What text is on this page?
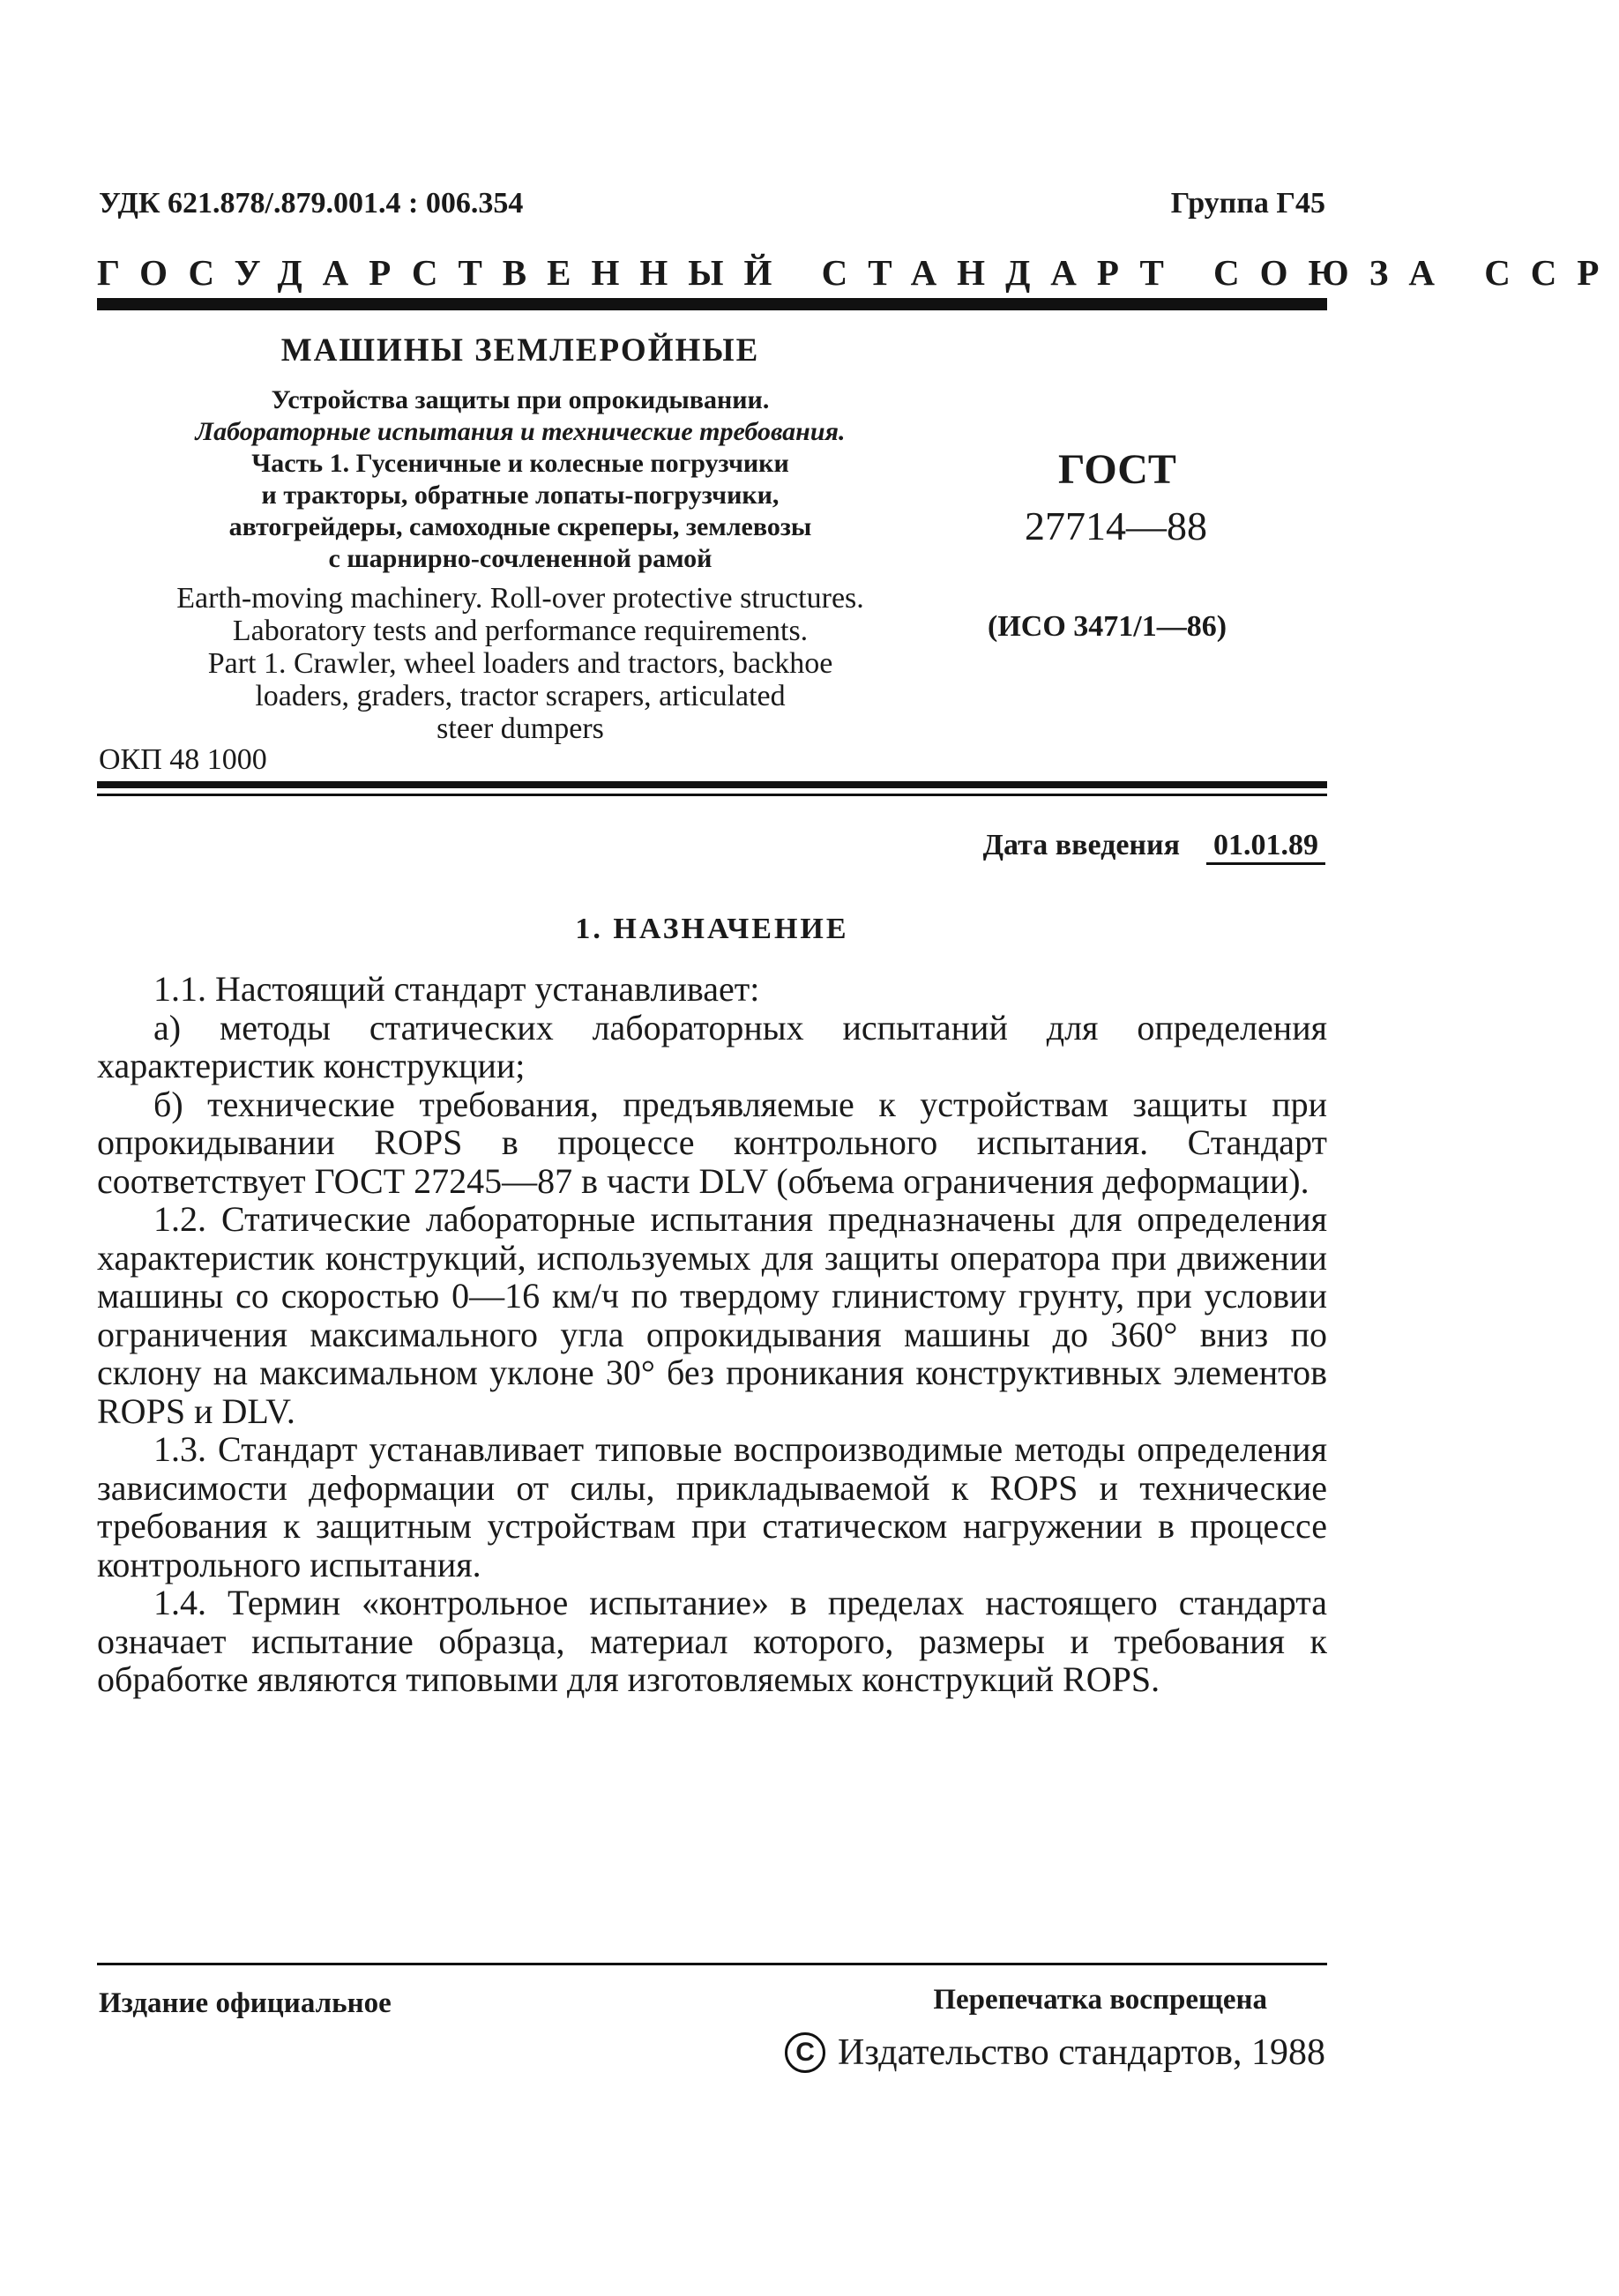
УДК 621.878/.879.001.4 : 006.354	Группа Г45
ГОСУДАРСТВЕННЫЙ СТАНДАРТ СОЮЗА ССР
МАШИНЫ ЗЕМЛЕРОЙНЫЕ
Устройства защиты при опрокидывании.
Лабораторные испытания и технические требования.
Часть 1. Гусеничные и колесные погрузчики
и тракторы, обратные лопаты-погрузчики,
автогрейдеры, самоходные скреперы, землевозы
с шарнирно-сочлененной рамой
Earth-moving machinery. Roll-over protective structures.
Laboratory tests and performance requirements.
Part 1. Crawler, wheel loaders and tractors, backhoe
loaders, graders, tractor scrapers, articulated
steer dumpers
ОКП 48 1000
ГОСТ
27714—88
(ИСО 3471/1—86)
Дата введения 01.01.89
1. НАЗНАЧЕНИЕ

1.1. Настоящий стандарт устанавливает:

а) методы статических лабораторных испытаний для определения характеристик конструкции;

б) технические требования, предъявляемые к устройствам защиты при опрокидывании ROPS в процессе контрольного испытания. Стандарт соответствует ГОСТ 27245—87 в части DLV (объема ограничения деформации).

1.2. Статические лабораторные испытания предназначены для определения характеристик конструкций, используемых для защиты оператора при движении машины со скоростью 0—16 км/ч по твердому глинистому грунту, при условии ограничения максимального угла опрокидывания машины до 360° вниз по склону на максимальном уклоне 30° без проникания конструктивных элементов ROPS и DLV.

1.3. Стандарт устанавливает типовые воспроизводимые методы определения зависимости деформации от силы, прикладываемой к ROPS и технические требования к защитным устройствам при статическом нагружении в процессе контрольного испытания.

1.4. Термин «контрольное испытание» в пределах настоящего стандарта означает испытание образца, материал которого, размеры и требования к обработке являются типовыми для изготовляемых конструкций ROPS.

Издание официальное	Перепечатка воспрещена
C Издательство стандартов, 1988
